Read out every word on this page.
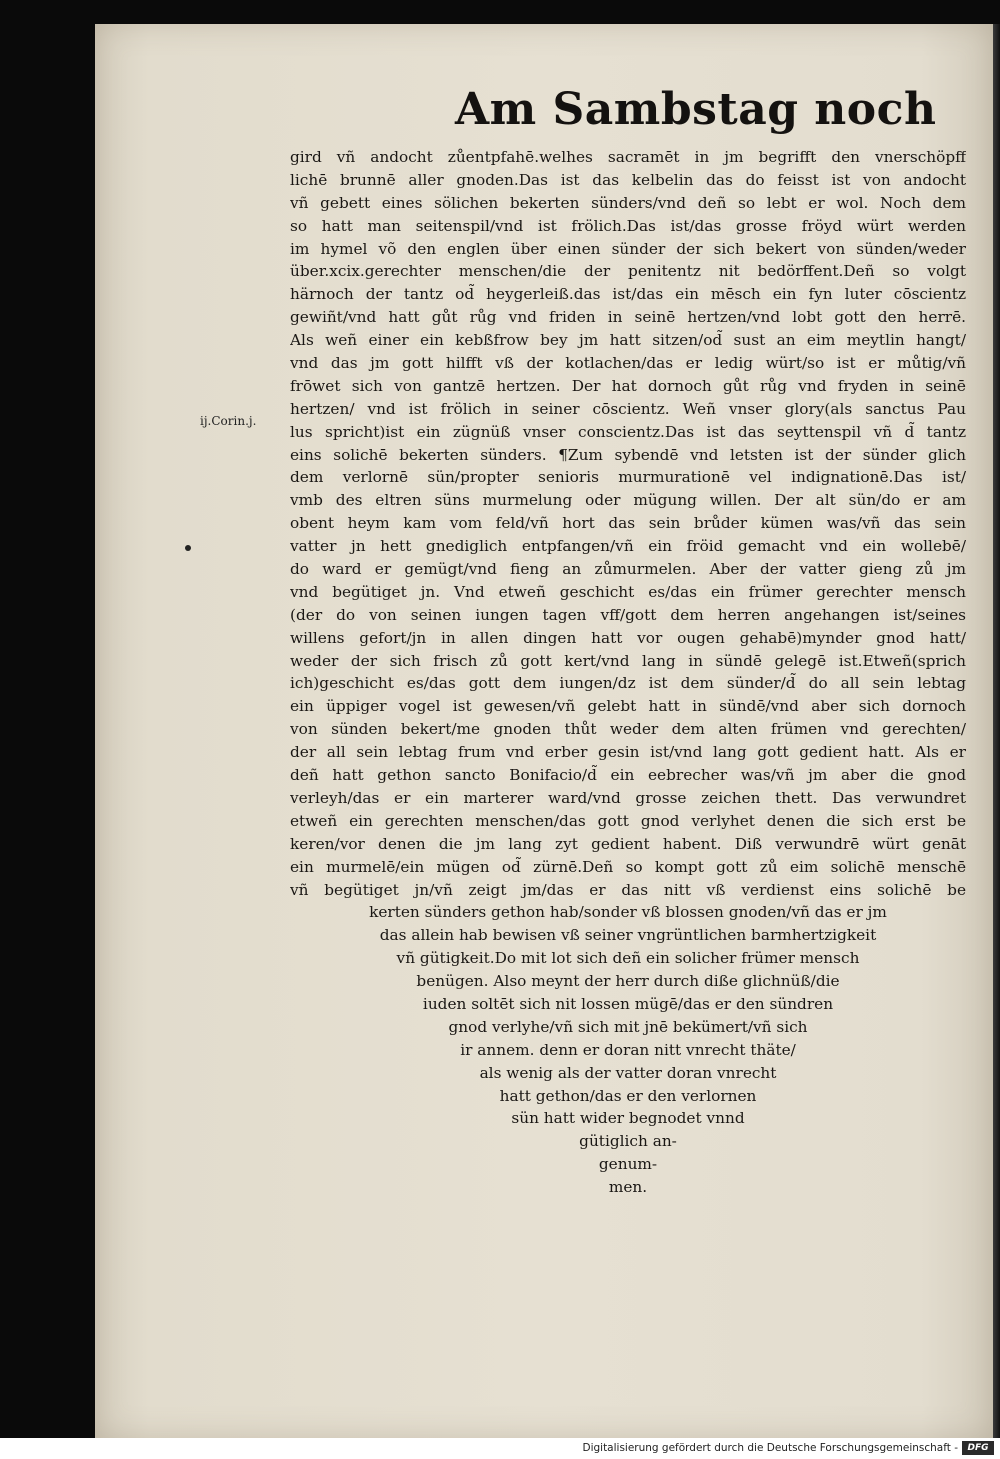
Am Sambstag noch
ij.Corin.j.
gird vñ andocht zůentpfahē.welhes sacramēt in jm begrifft den vnerschöpff
lichē brunnē aller gnoden.Das ist das kelbelin das do feisst ist von andocht
vñ gebett eines sölichen bekerten sünders/vnd deñ so lebt er wol. Noch dem
so hatt man seitenspil/vnd ist frölich.Das ist/das grosse fröyd würt werden
im hymel võ den englen über einen sünder der sich bekert von sünden/weder
über.xcix.gerechter menschen/die der penitentz nit bedörffent.Deñ so volgt
härnoch der tantz od̃ heygerleiß.das ist/das ein mēsch ein fyn luter cōscientz
gewiñt/vnd hatt gůt růg vnd friden in seinē hertzen/vnd lobt gott den herrē.
Als weñ einer ein kebßfrow bey jm hatt sitzen/od̃ sust an eim meytlin hangt/
vnd das jm gott hilfft vß der kotlachen/das er ledig würt/so ist er můtig/vñ
frōwet sich von gantzē hertzen. Der hat dornoch gůt růg vnd fryden in seinē
hertzen/ vnd ist frölich in seiner cōscientz. Weñ vnser glory(als sanctus Pau
lus spricht)ist ein zügnüß vnser conscientz.Das ist das seyttenspil vñ d̃ tantz
eins solichē bekerten sünders. ¶Zum sybendē vnd letsten ist der sünder glich
dem verlornē sün/propter senioris murmurationē vel indignationē.Das ist/
vmb des eltren süns murmelung oder mügung willen. Der alt sün/do er am
obent heym kam vom feld/vñ hort das sein brůder kümen was/vñ das sein
vatter jn hett gnediglich entpfangen/vñ ein fröid gemacht vnd ein wollebē/
do ward er gemügt/vnd fieng an zůmurmelen. Aber der vatter gieng zů jm
vnd begütiget jn. Vnd etweñ geschicht es/das ein frümer gerechter mensch
(der do von seinen iungen tagen vff/gott dem herren angehangen ist/seines
willens gefort/jn in allen dingen hatt vor ougen gehabē)mynder gnod hatt/
weder der sich frisch zů gott kert/vnd lang in sündē gelegē ist.Etweñ(sprich
ich)geschicht es/das gott dem iungen/dz ist dem sünder/d̃ do all sein lebtag
ein üppiger vogel ist gewesen/vñ gelebt hatt in sündē/vnd aber sich dornoch
von sünden bekert/me gnoden thůt weder dem alten frümen vnd gerechten/
der all sein lebtag frum vnd erber gesin ist/vnd lang gott gedient hatt. Als er
deñ hatt gethon sancto Bonifacio/d̃ ein eebrecher was/vñ jm aber die gnod
verleyh/das er ein marterer ward/vnd grosse zeichen thett. Das verwundret
etweñ ein gerechten menschen/das gott gnod verlyhet denen die sich erst be
keren/vor denen die jm lang zyt gedient habent. Diß verwundrē würt genāt
ein murmelē/ein mügen od̃ zürnē.Deñ so kompt gott zů eim solichē menschē
vñ begütiget jn/vñ zeigt jm/das er das nitt vß verdienst eins solichē be
kerten sünders gethon hab/sonder vß blossen gnoden/vñ das er jm
das allein hab bewisen vß seiner vngrüntlichen barmhertzigkeit
vñ gütigkeit.Do mit lot sich deñ ein solicher frümer mensch
benügen. Also meynt der herr durch diße glichnüß/die
iuden soltēt sich nit lossen mügē/das er den sündren
gnod verlyhe/vñ sich mit jnē bekümert/vñ sich
ir annem. denn er doran nitt vnrecht thäte/
als wenig als der vatter doran vnrecht
hatt gethon/das er den verlornen
sün hatt wider begnodet vnnd
gütiglich an-
genum-
men.
Digitalisierung gefördert durch die Deutsche Forschungsgemeinschaft -	DFG
